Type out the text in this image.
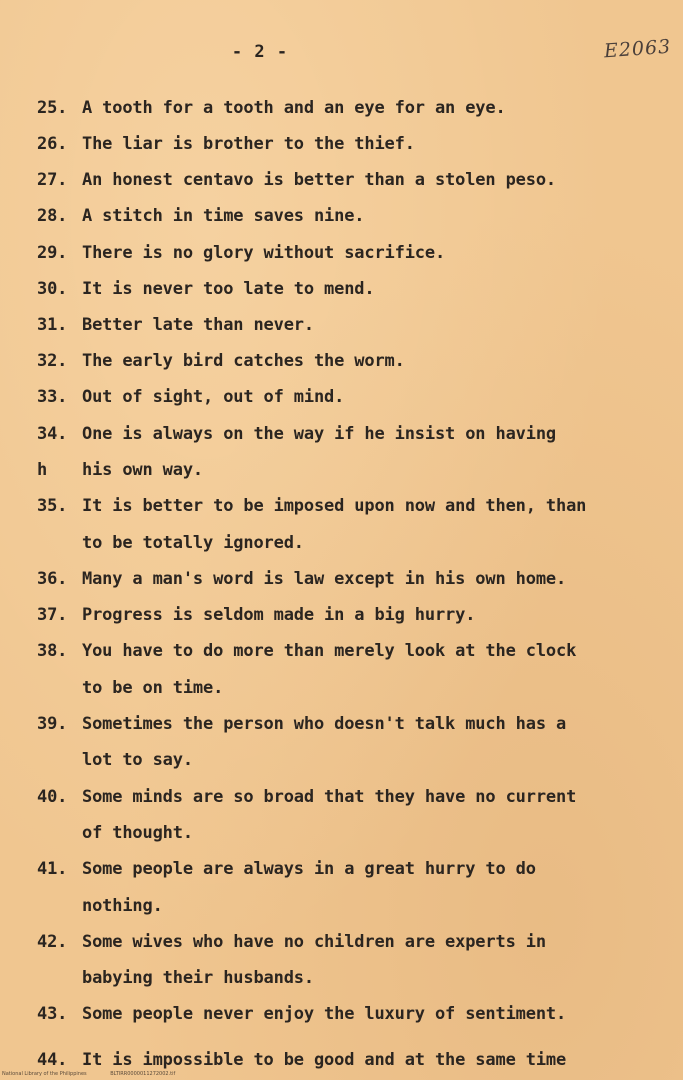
- 2 -	E2063
25. A tooth for a tooth and an eye for an eye.
26. The liar is brother to the thief.
27. An honest centavo is better than a stolen peso.
28. A stitch in time saves nine.
29. There is no glory without sacrifice.
30. It is never too late to mend.
31. Better late than never.
32. The early bird catches the worm.
33. Out of sight, out of mind.
34. One is always on the way if he insist on having
h his own way.
35. It is better to be imposed upon now and then, than
to be totally ignored.
36. Many a man's word is law except in his own home.
37. Progress is seldom made in a big hurry.
38. You have to do more than merely look at the clock
to be on time.
39. Sometimes the person who doesn't talk much has a
lot to say.
40. Some minds are so broad that they have no current
of thought.
41. Some people are always in a great hurry to do
nothing.
42. Some wives who have no children are experts in
babying their husbands.
43. Some people never enjoy the luxury of sentiment.
44. It is impossible to be good and at the same time
National Library of the Philippines	BLTIRR0000011272002.tif
